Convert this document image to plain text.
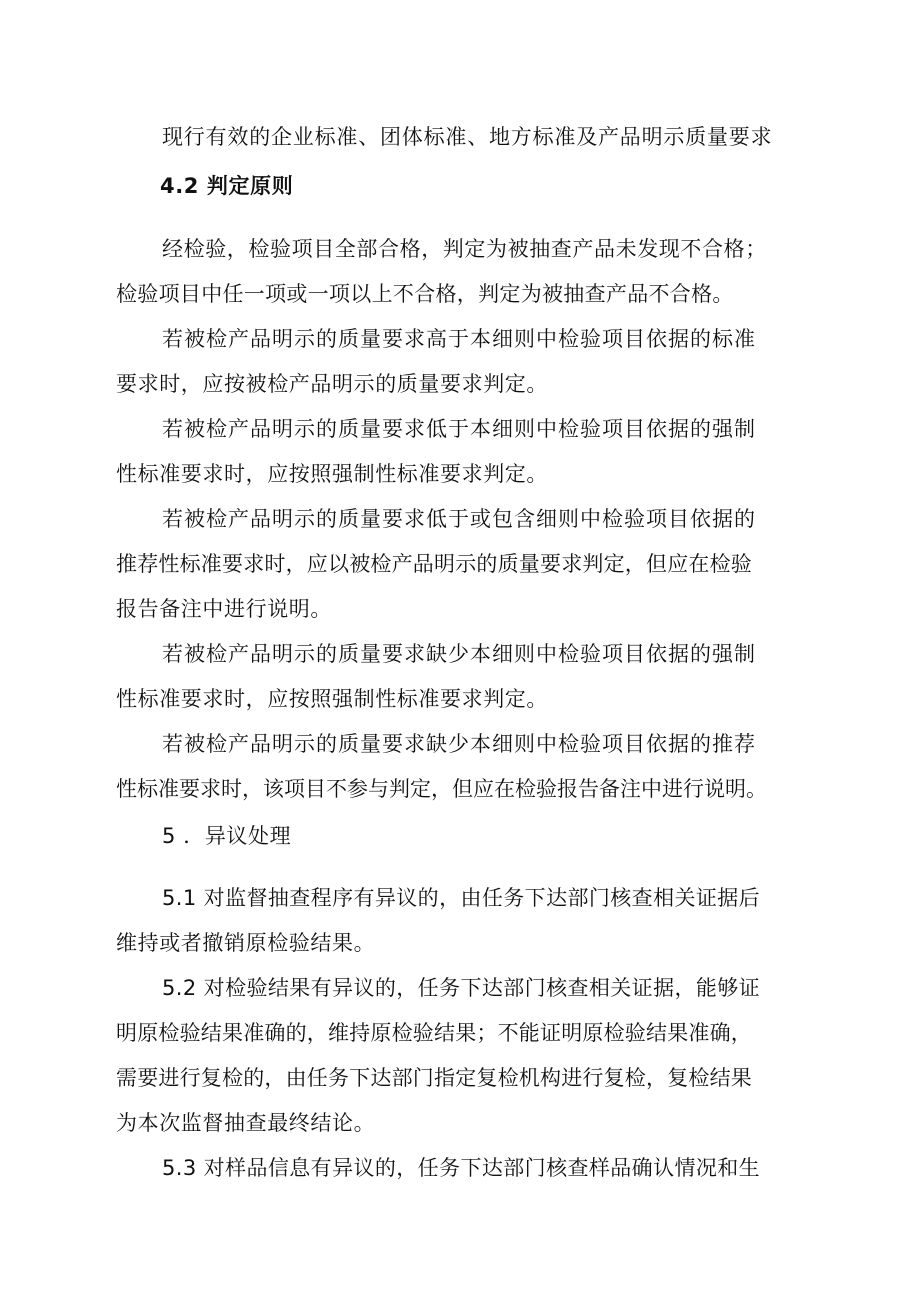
现行有效的企业标准、团体标准、地方标准及产品明示质量要求
4.2 判定原则
经检验，检验项目全部合格，判定为被抽查产品未发现不合格；
检验项目中任一项或一项以上不合格，判定为被抽查产品不合格。
若被检产品明示的质量要求高于本细则中检验项目依据的标准
要求时，应按被检产品明示的质量要求判定。
若被检产品明示的质量要求低于本细则中检验项目依据的强制
性标准要求时，应按照强制性标准要求判定。
若被检产品明示的质量要求低于或包含细则中检验项目依据的
推荐性标准要求时，应以被检产品明示的质量要求判定，但应在检验
报告备注中进行说明。
若被检产品明示的质量要求缺少本细则中检验项目依据的强制
性标准要求时，应按照强制性标准要求判定。
若被检产品明示的质量要求缺少本细则中检验项目依据的推荐
性标准要求时，该项目不参与判定，但应在检验报告备注中进行说明。
5 ．异议处理
5.1 对监督抽查程序有异议的，由任务下达部门核查相关证据后
维持或者撤销原检验结果。
5.2 对检验结果有异议的，任务下达部门核查相关证据，能够证
明原检验结果准确的，维持原检验结果；不能证明原检验结果准确，
需要进行复检的，由任务下达部门指定复检机构进行复检，复检结果
为本次监督抽查最终结论。
5.3 对样品信息有异议的，任务下达部门核查样品确认情况和生
